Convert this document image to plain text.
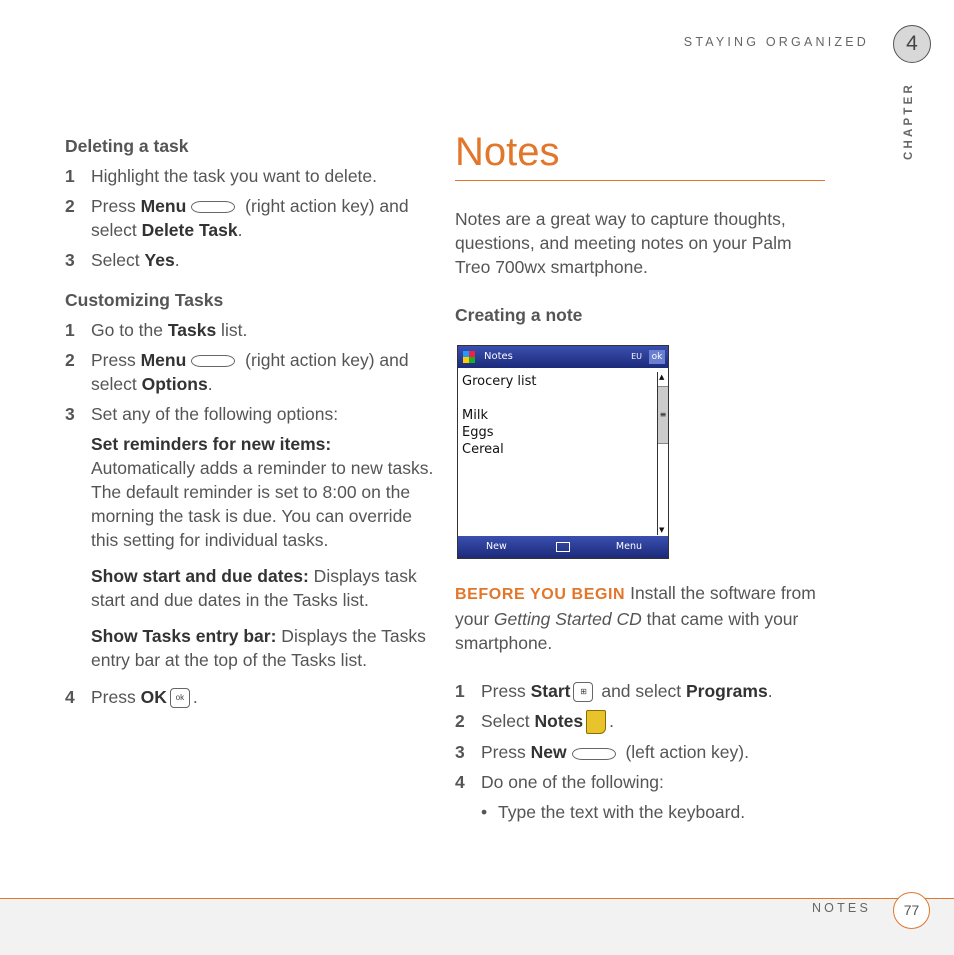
STAYING ORGANIZED	4
CHAPTER
Deleting a task

1 Highlight the task you want to delete.

2 Press Menu	(right action key) and select Delete Task.

3 Select Yes.

Customizing Tasks

1 Go to the Tasks list.

2 Press Menu	(right action key) and select Options.

3 Set any of the following options:

Set reminders for new items: Automatically adds a reminder to new tasks. The default reminder is set to 8:00 on the morning the task is due. You can override this setting for individual tasks.

Show start and due dates: Displays task start and due dates in the Tasks list.

Show Tasks entry bar: Displays the Tasks entry bar at the top of the Tasks list.

4 Press OK ok .

Notes

Notes are a great way to capture thoughts, questions, and meeting notes on your Palm Treo 700wx smartphone.

Creating a note
Notes	EU ok
Grocery list

Milk
Eggs
Cereal
▲
≡
▼
New	Menu

BEFORE YOU BEGIN Install the software from your Getting Started CD that came with your smartphone.

1 Press Start ⊞ and select Programs.

2 Select Notes .

3 Press New	(left action key).

4 Do one of the following:

• Type the text with the keyboard.

NOTES	77
